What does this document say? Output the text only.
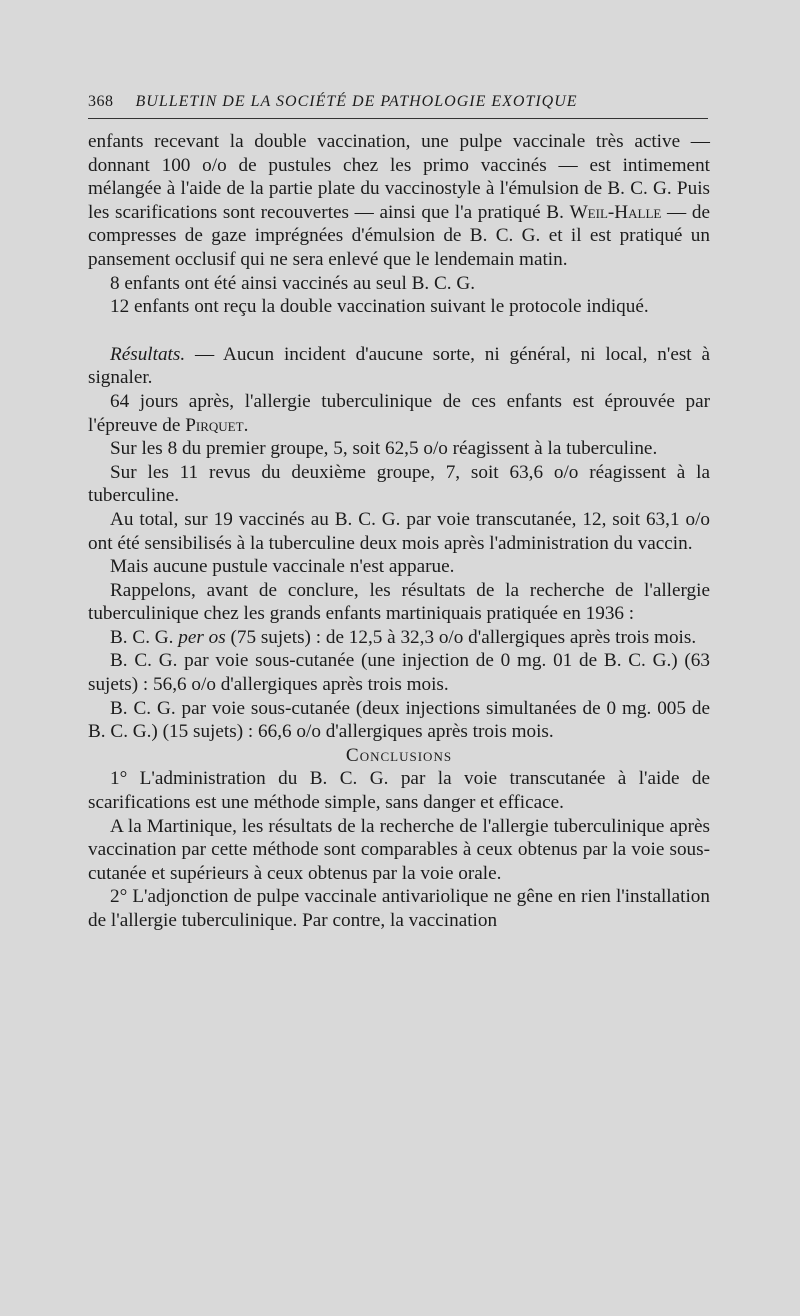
368 BULLETIN DE LA SOCIÉTÉ DE PATHOLOGIE EXOTIQUE

enfants recevant la double vaccination, une pulpe vaccinale très active — donnant 100 o/o de pustules chez les primo vaccinés — est intimement mélangée à l'aide de la partie plate du vaccinostyle à l'émulsion de B. C. G. Puis les scarifications sont recouvertes — ainsi que l'a pratiqué B. Weil-Halle — de compresses de gaze imprégnées d'émulsion de B. C. G. et il est pratiqué un pansement occlusif qui ne sera enlevé que le lendemain matin.

8 enfants ont été ainsi vaccinés au seul B. C. G.

12 enfants ont reçu la double vaccination suivant le protocole indiqué.

Résultats. — Aucun incident d'aucune sorte, ni général, ni local, n'est à signaler.

64 jours après, l'allergie tuberculinique de ces enfants est éprouvée par l'épreuve de Pirquet.

Sur les 8 du premier groupe, 5, soit 62,5 o/o réagissent à la tuberculine.

Sur les 11 revus du deuxième groupe, 7, soit 63,6 o/o réagissent à la tuberculine.

Au total, sur 19 vaccinés au B. C. G. par voie transcutanée, 12, soit 63,1 o/o ont été sensibilisés à la tuberculine deux mois après l'administration du vaccin.

Mais aucune pustule vaccinale n'est apparue.

Rappelons, avant de conclure, les résultats de la recherche de l'allergie tuberculinique chez les grands enfants martiniquais pratiquée en 1936 :

B. C. G. per os (75 sujets) : de 12,5 à 32,3 o/o d'allergiques après trois mois.

B. C. G. par voie sous-cutanée (une injection de 0 mg. 01 de B. C. G.) (63 sujets) : 56,6 o/o d'allergiques après trois mois.

B. C. G. par voie sous-cutanée (deux injections simultanées de 0 mg. 005 de B. C. G.) (15 sujets) : 66,6 o/o d'allergiques après trois mois.

Conclusions

1° L'administration du B. C. G. par la voie transcutanée à l'aide de scarifications est une méthode simple, sans danger et efficace.

A la Martinique, les résultats de la recherche de l'allergie tuberculinique après vaccination par cette méthode sont comparables à ceux obtenus par la voie sous-cutanée et supérieurs à ceux obtenus par la voie orale.

2° L'adjonction de pulpe vaccinale antivariolique ne gêne en rien l'installation de l'allergie tuberculinique. Par contre, la vaccination
